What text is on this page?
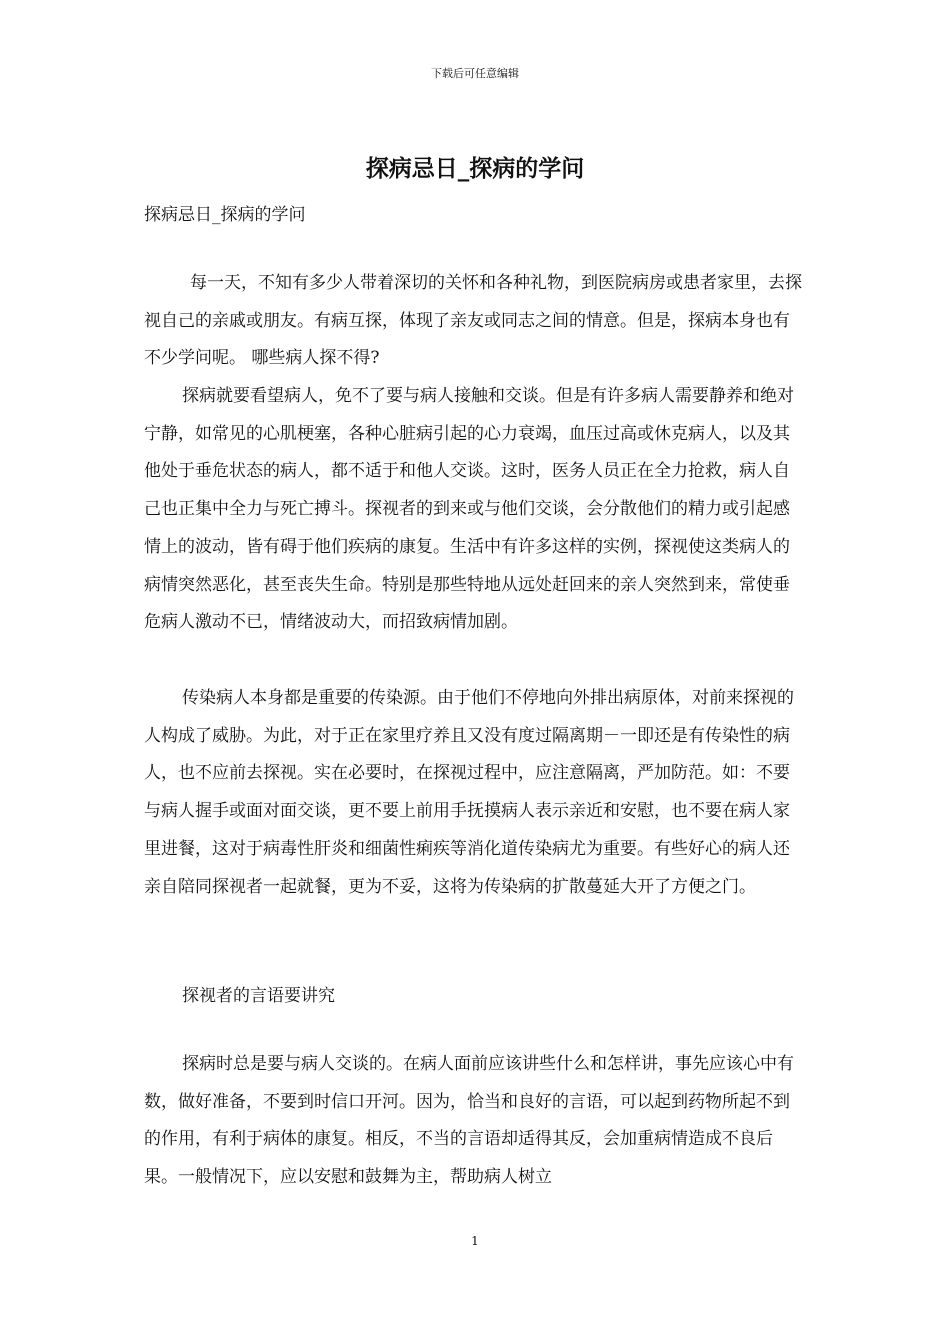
下载后可任意编辑
探病忌日_探病的学问

探病忌日_探病的学问

每一天，不知有多少人带着深切的关怀和各种礼物，到医院病房或患者家里，去探视自己的亲戚或朋友。有病互探，体现了亲友或同志之间的情意。但是，探病本身也有不少学问呢。 哪些病人探不得?

探病就要看望病人，免不了要与病人接触和交谈。但是有许多病人需要静养和绝对宁静，如常见的心肌梗塞，各种心脏病引起的心力衰竭，血压过高或休克病人，以及其他处于垂危状态的病人，都不适于和他人交谈。这时，医务人员正在全力抢救，病人自己也正集中全力与死亡搏斗。探视者的到来或与他们交谈，会分散他们的精力或引起感情上的波动，皆有碍于他们疾病的康复。生活中有许多这样的实例，探视使这类病人的病情突然恶化，甚至丧失生命。特别是那些特地从远处赶回来的亲人突然到来，常使垂危病人激动不已，情绪波动大，而招致病情加剧。

传染病人本身都是重要的传染源。由于他们不停地向外排出病原体，对前来探视的人构成了威胁。为此，对于正在家里疗养且又没有度过隔离期－一即还是有传染性的病人，也不应前去探视。实在必要时，在探视过程中，应注意隔离，严加防范。如：不要与病人握手或面对面交谈，更不要上前用手抚摸病人表示亲近和安慰，也不要在病人家里进餐，这对于病毒性肝炎和细菌性痢疾等消化道传染病尤为重要。有些好心的病人还亲自陪同探视者一起就餐，更为不妥，这将为传染病的扩散蔓延大开了方便之门。

探视者的言语要讲究

探病时总是要与病人交谈的。在病人面前应该讲些什么和怎样讲，事先应该心中有数，做好准备，不要到时信口开河。因为，恰当和良好的言语，可以起到药物所起不到的作用，有利于病体的康复。相反，不当的言语却适得其反，会加重病情造成不良后果。一般情况下，应以安慰和鼓舞为主，帮助病人树立

1
